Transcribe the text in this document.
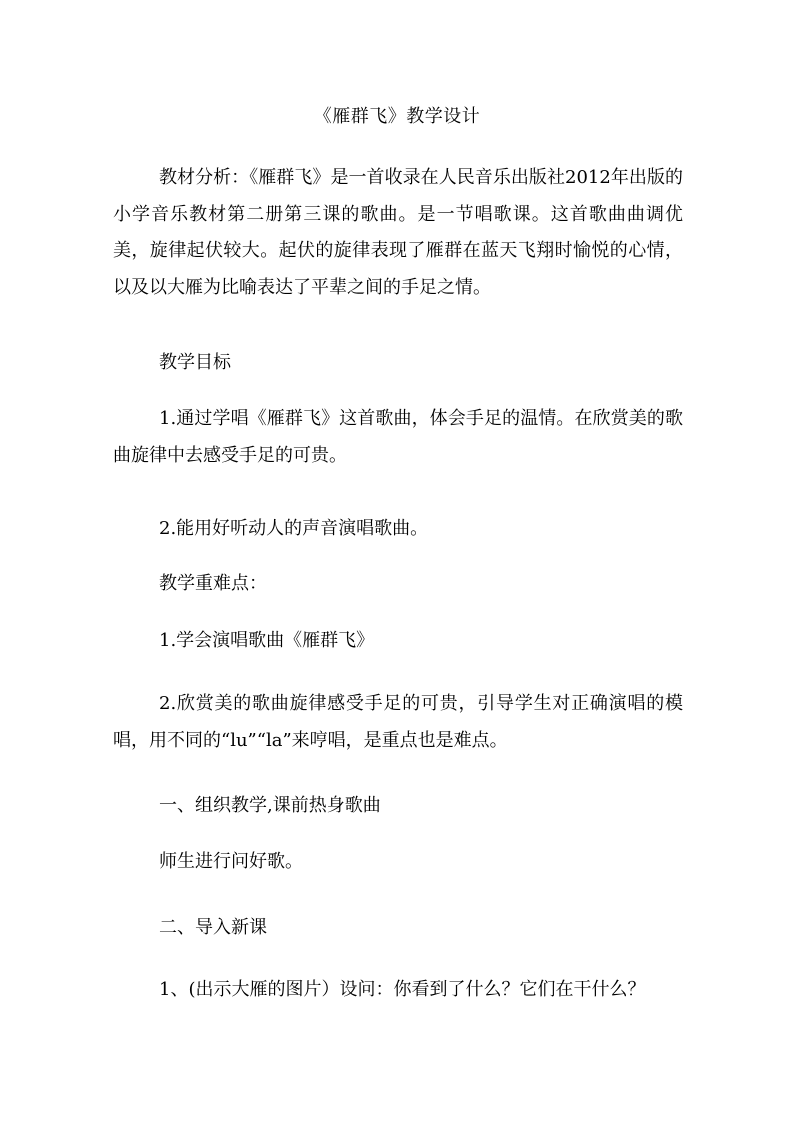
《雁群飞》教学设计

教材分析：《雁群飞》是一首收录在人民音乐出版社2012年出版的小学音乐教材第二册第三课的歌曲。是一节唱歌课。这首歌曲曲调优美，旋律起伏较大。起伏的旋律表现了雁群在蓝天飞翔时愉悦的心情，以及以大雁为比喻表达了平辈之间的手足之情。

教学目标

1.通过学唱《雁群飞》这首歌曲，体会手足的温情。在欣赏美的歌曲旋律中去感受手足的可贵。

2.能用好听动人的声音演唱歌曲。

教学重难点：

1.学会演唱歌曲《雁群飞》

2.欣赏美的歌曲旋律感受手足的可贵，引导学生对正确演唱的模唱，用不同的“lu”“la”来哼唱，是重点也是难点。

一、组织教学,课前热身歌曲

师生进行问好歌。

二、导入新课

1、(出示大雁的图片）设问：你看到了什么？它们在干什么？
